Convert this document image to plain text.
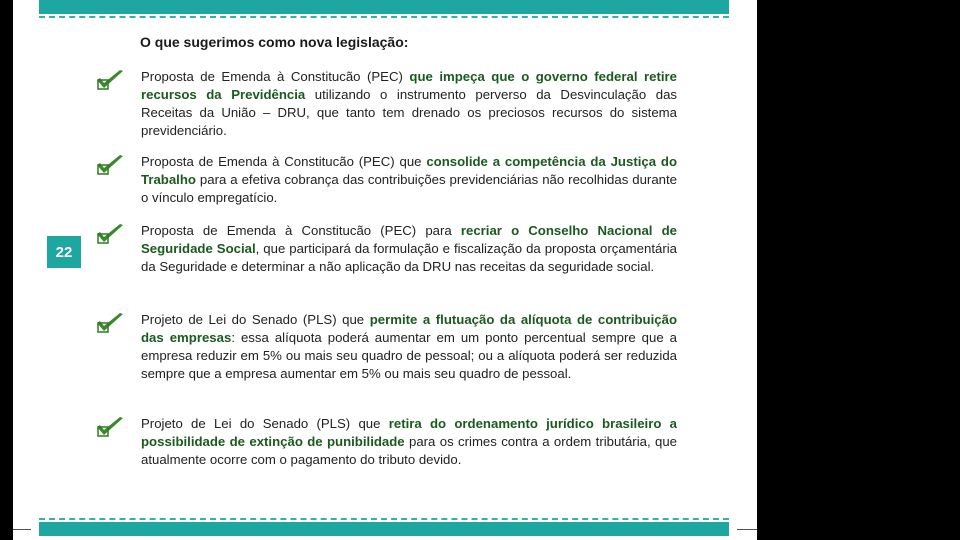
22
O que sugerimos como nova legislação:
Proposta de Emenda à Constitucão (PEC) que impeça que o governo federal retire recursos da Previdência utilizando o instrumento perverso da Desvinculação das Receitas da União – DRU, que tanto tem drenado os preciosos recursos do sistema previdenciário.
Proposta de Emenda à Constitucão (PEC) que consolide a competência da Justiça do Trabalho para a efetiva cobrança das contribuições previdenciárias não recolhidas durante o vínculo empregatício.
Proposta de Emenda à Constitucão (PEC) para recriar o Conselho Nacional de Seguridade Social, que participará da formulação e fiscalização da proposta orçamentária da Seguridade e determinar a não aplicação da DRU nas receitas da seguridade social.
Projeto de Lei do Senado (PLS) que permite a flutuação da alíquota de contribuição das empresas: essa alíquota poderá aumentar em um ponto percentual sempre que a empresa reduzir em 5% ou mais seu quadro de pessoal; ou a alíquota poderá ser reduzida sempre que a empresa aumentar em 5% ou mais seu quadro de pessoal.
Projeto de Lei do Senado (PLS) que retira do ordenamento jurídico brasileiro a possibilidade de extinção de punibilidade para os crimes contra a ordem tributária, que atualmente ocorre com o pagamento do tributo devido.
